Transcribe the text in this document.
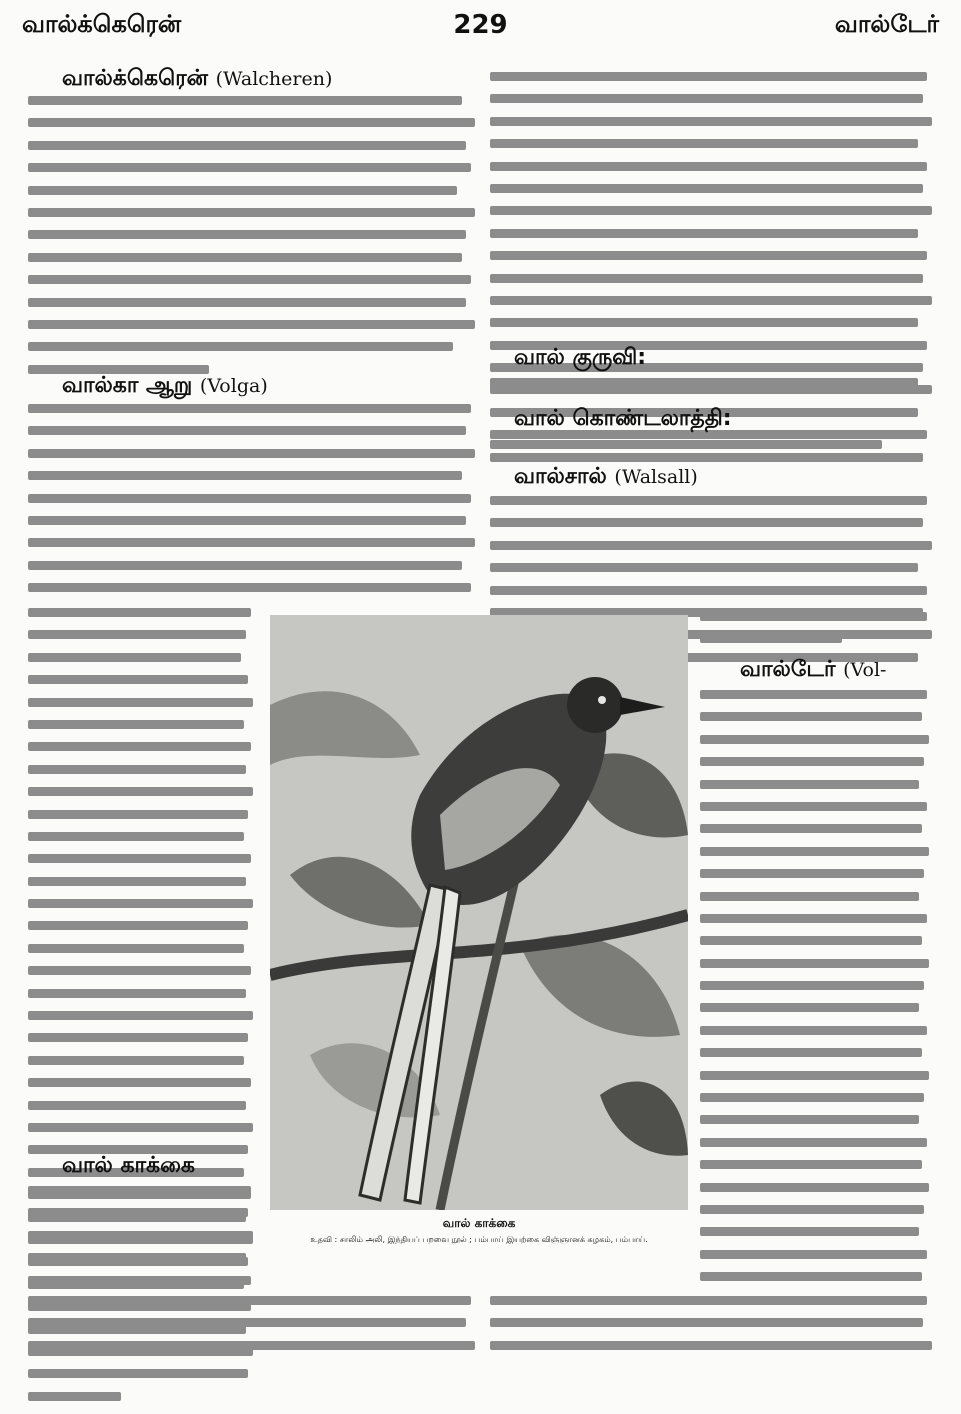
வால்க்கெரென்	229	வால்டேர்
வால்க்கெரென் (Walcheren)
வால்கா ஆறு (Volga)
வால் காக்கை
வால் குருவி:
வால் கொண்டலாத்தி:
வால்சால் (Walsall)
வால்டேர் (Vol-
வால் காக்கை
உதவி : சாலிம் அலி, இந்தியப் பறவை நூல் ; பம்பாய் இயற்கை விஞ்ஞானக் கழகம், பம்பாய்.
